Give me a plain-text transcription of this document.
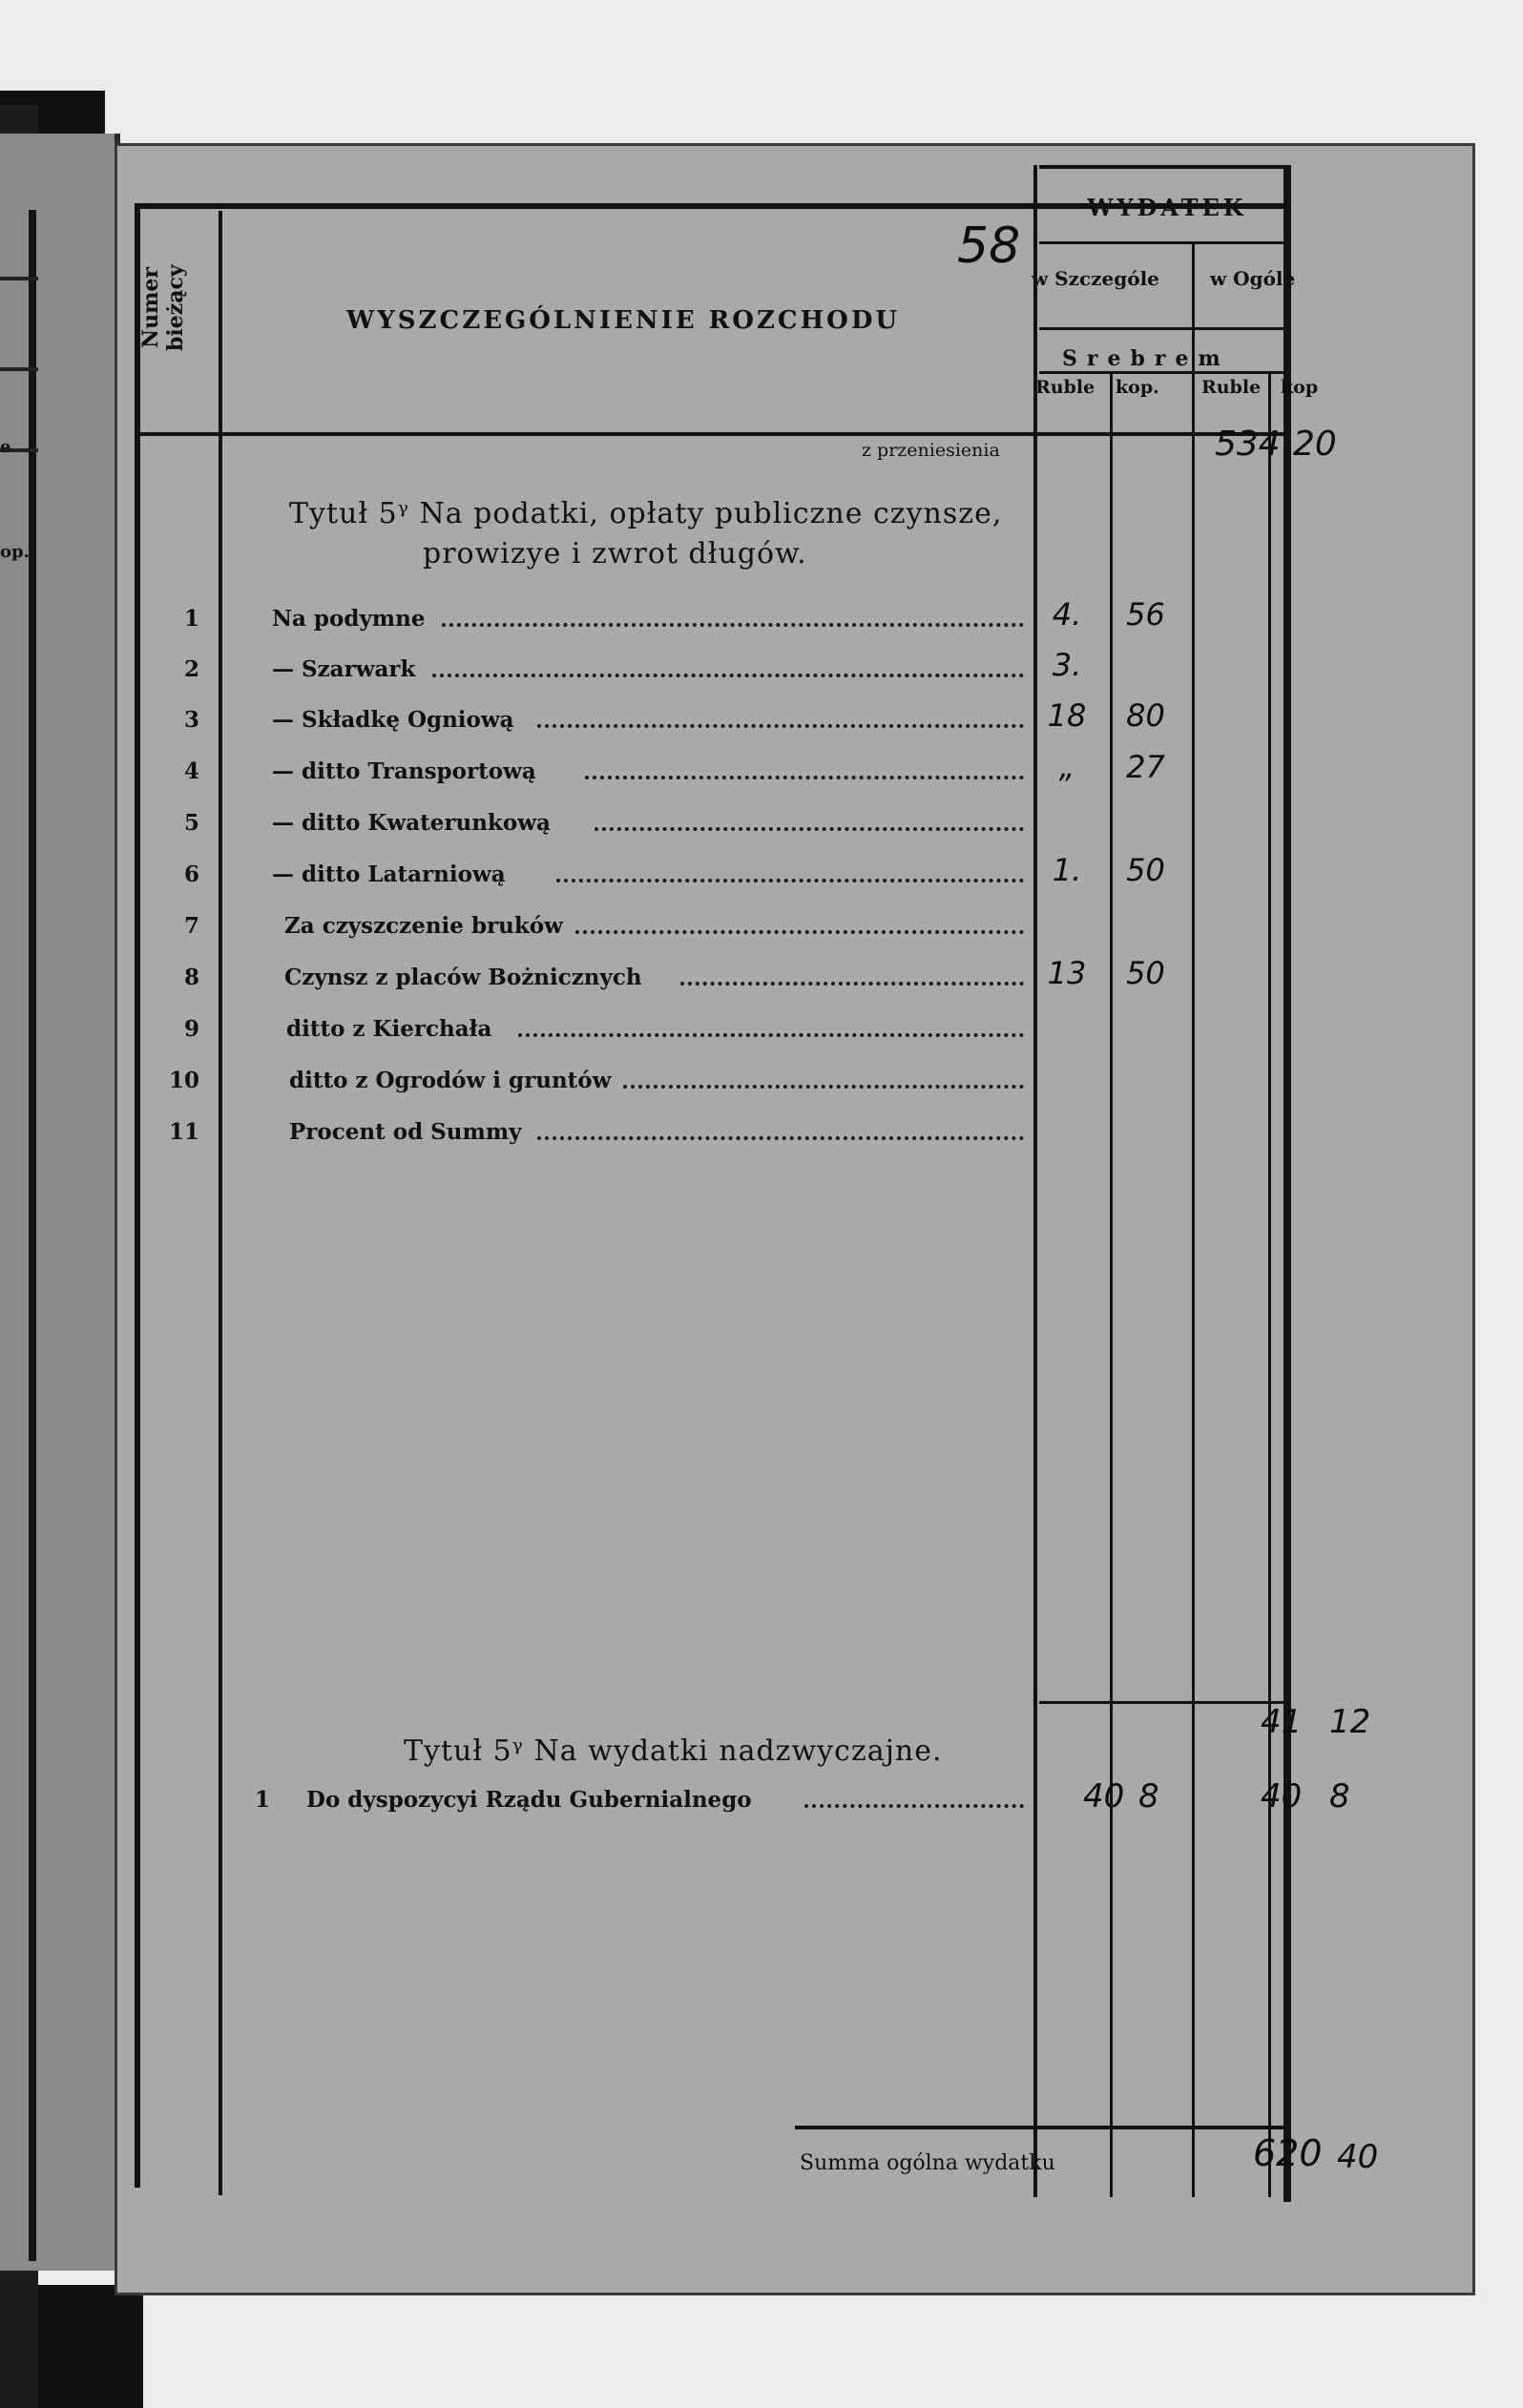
e
op.
Numer bieżący	WYSZCZEGÓLNIENIE ROZCHODU
58
WYDATEK
w Szczególe	w Ogóle
Srebrem
Ruble kop. Ruble kop
z przeniesienia	534 20
Tytuł 5ᵞ Na podatki, opłaty publiczne czynsze,
prowizye i zwrot długów.
1	Na podymne	4.	56
2	— Szarwark	3.
3	— Składkę Ogniową	18	80
4	— ditto Transportową	„	27
5	— ditto Kwaterunkową
6	— ditto Latarniową	1.	50
7	Za czyszczenie bruków
8	Czynsz z placów Bożnicznych	13	50
9	ditto z Kierchała
10	ditto z Ogrodów i gruntów
11	Procent od Summy
41 12
Tytuł 5ᵞ Na wydatki nadzwyczajne.
1 Do dyspozycyi Rządu Gubernialnego	40 8	40 8
Summa ogólna wydatku	620 40
